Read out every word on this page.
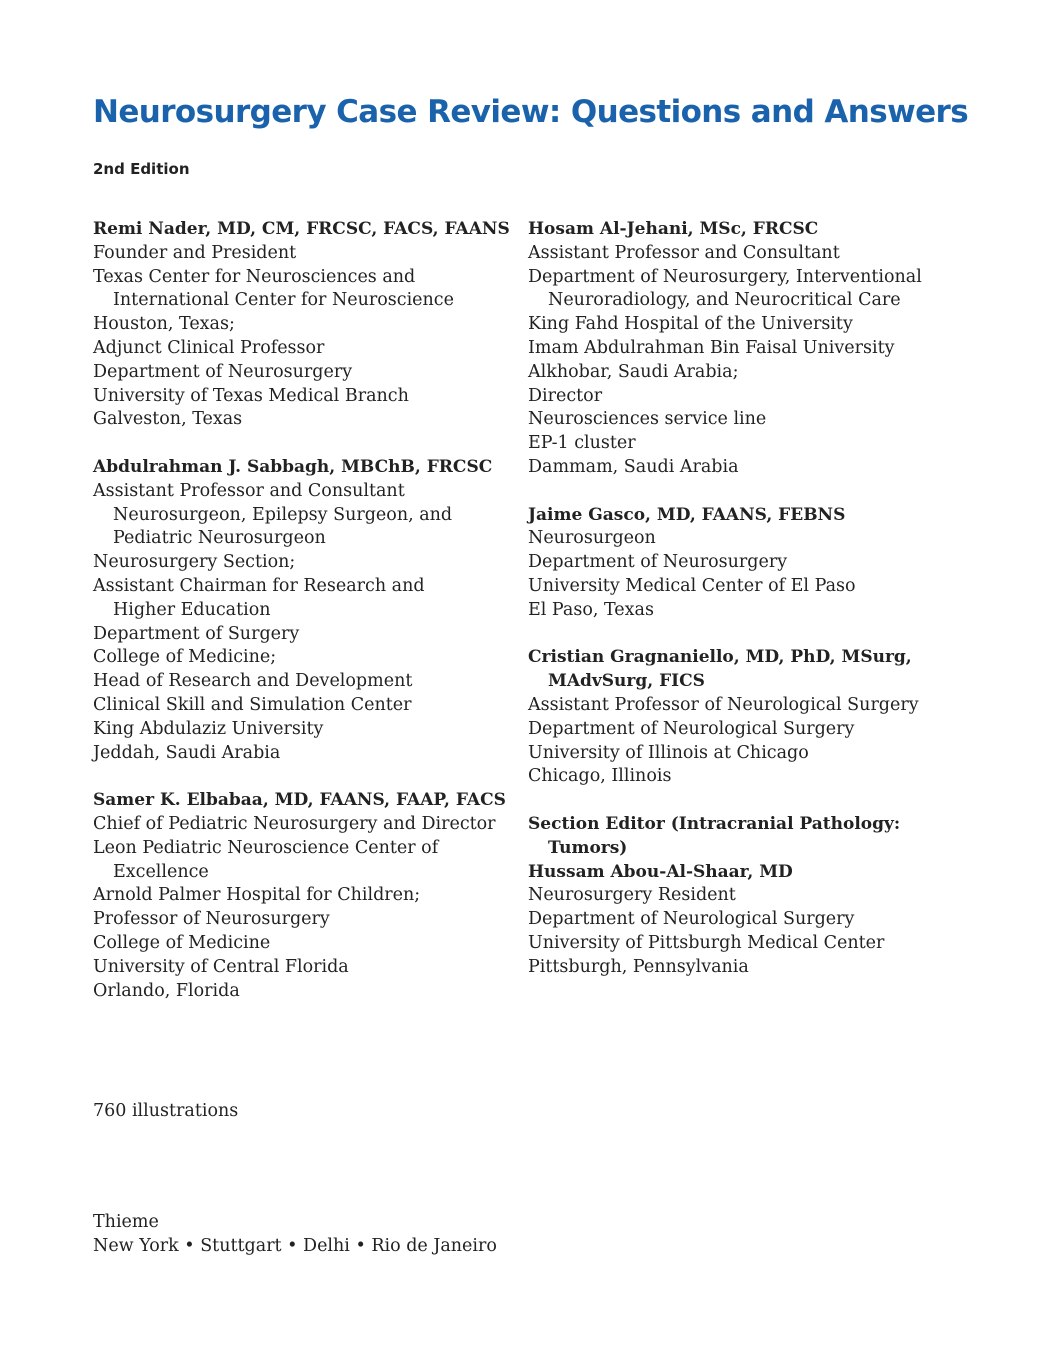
Neurosurgery Case Review: Questions and Answers
2nd Edition
Remi Nader, MD, CM, FRCSC, FACS, FAANS
Founder and President
Texas Center for Neurosciences and
International Center for Neuroscience
Houston, Texas;
Adjunct Clinical Professor
Department of Neurosurgery
University of Texas Medical Branch
Galveston, Texas
Abdulrahman J. Sabbagh, MBChB, FRCSC
Assistant Professor and Consultant
Neurosurgeon, Epilepsy Surgeon, and
Pediatric Neurosurgeon
Neurosurgery Section;
Assistant Chairman for Research and
Higher Education
Department of Surgery
College of Medicine;
Head of Research and Development
Clinical Skill and Simulation Center
King Abdulaziz University
Jeddah, Saudi Arabia
Samer K. Elbabaa, MD, FAANS, FAAP, FACS
Chief of Pediatric Neurosurgery and Director
Leon Pediatric Neuroscience Center of
Excellence
Arnold Palmer Hospital for Children;
Professor of Neurosurgery
College of Medicine
University of Central Florida
Orlando, Florida
Hosam Al-Jehani, MSc, FRCSC
Assistant Professor and Consultant
Department of Neurosurgery, Interventional
Neuroradiology, and Neurocritical Care
King Fahd Hospital of the University
Imam Abdulrahman Bin Faisal University
Alkhobar, Saudi Arabia;
Director
Neurosciences service line
EP-1 cluster
Dammam, Saudi Arabia
Jaime Gasco, MD, FAANS, FEBNS
Neurosurgeon
Department of Neurosurgery
University Medical Center of El Paso
El Paso, Texas
Cristian Gragnaniello, MD, PhD, MSurg,
MAdvSurg, FICS
Assistant Professor of Neurological Surgery
Department of Neurological Surgery
University of Illinois at Chicago
Chicago, Illinois
Section Editor (Intracranial Pathology:
Tumors)
Hussam Abou-Al-Shaar, MD
Neurosurgery Resident
Department of Neurological Surgery
University of Pittsburgh Medical Center
Pittsburgh, Pennsylvania
760 illustrations
Thieme
New York • Stuttgart • Delhi • Rio de Janeiro
